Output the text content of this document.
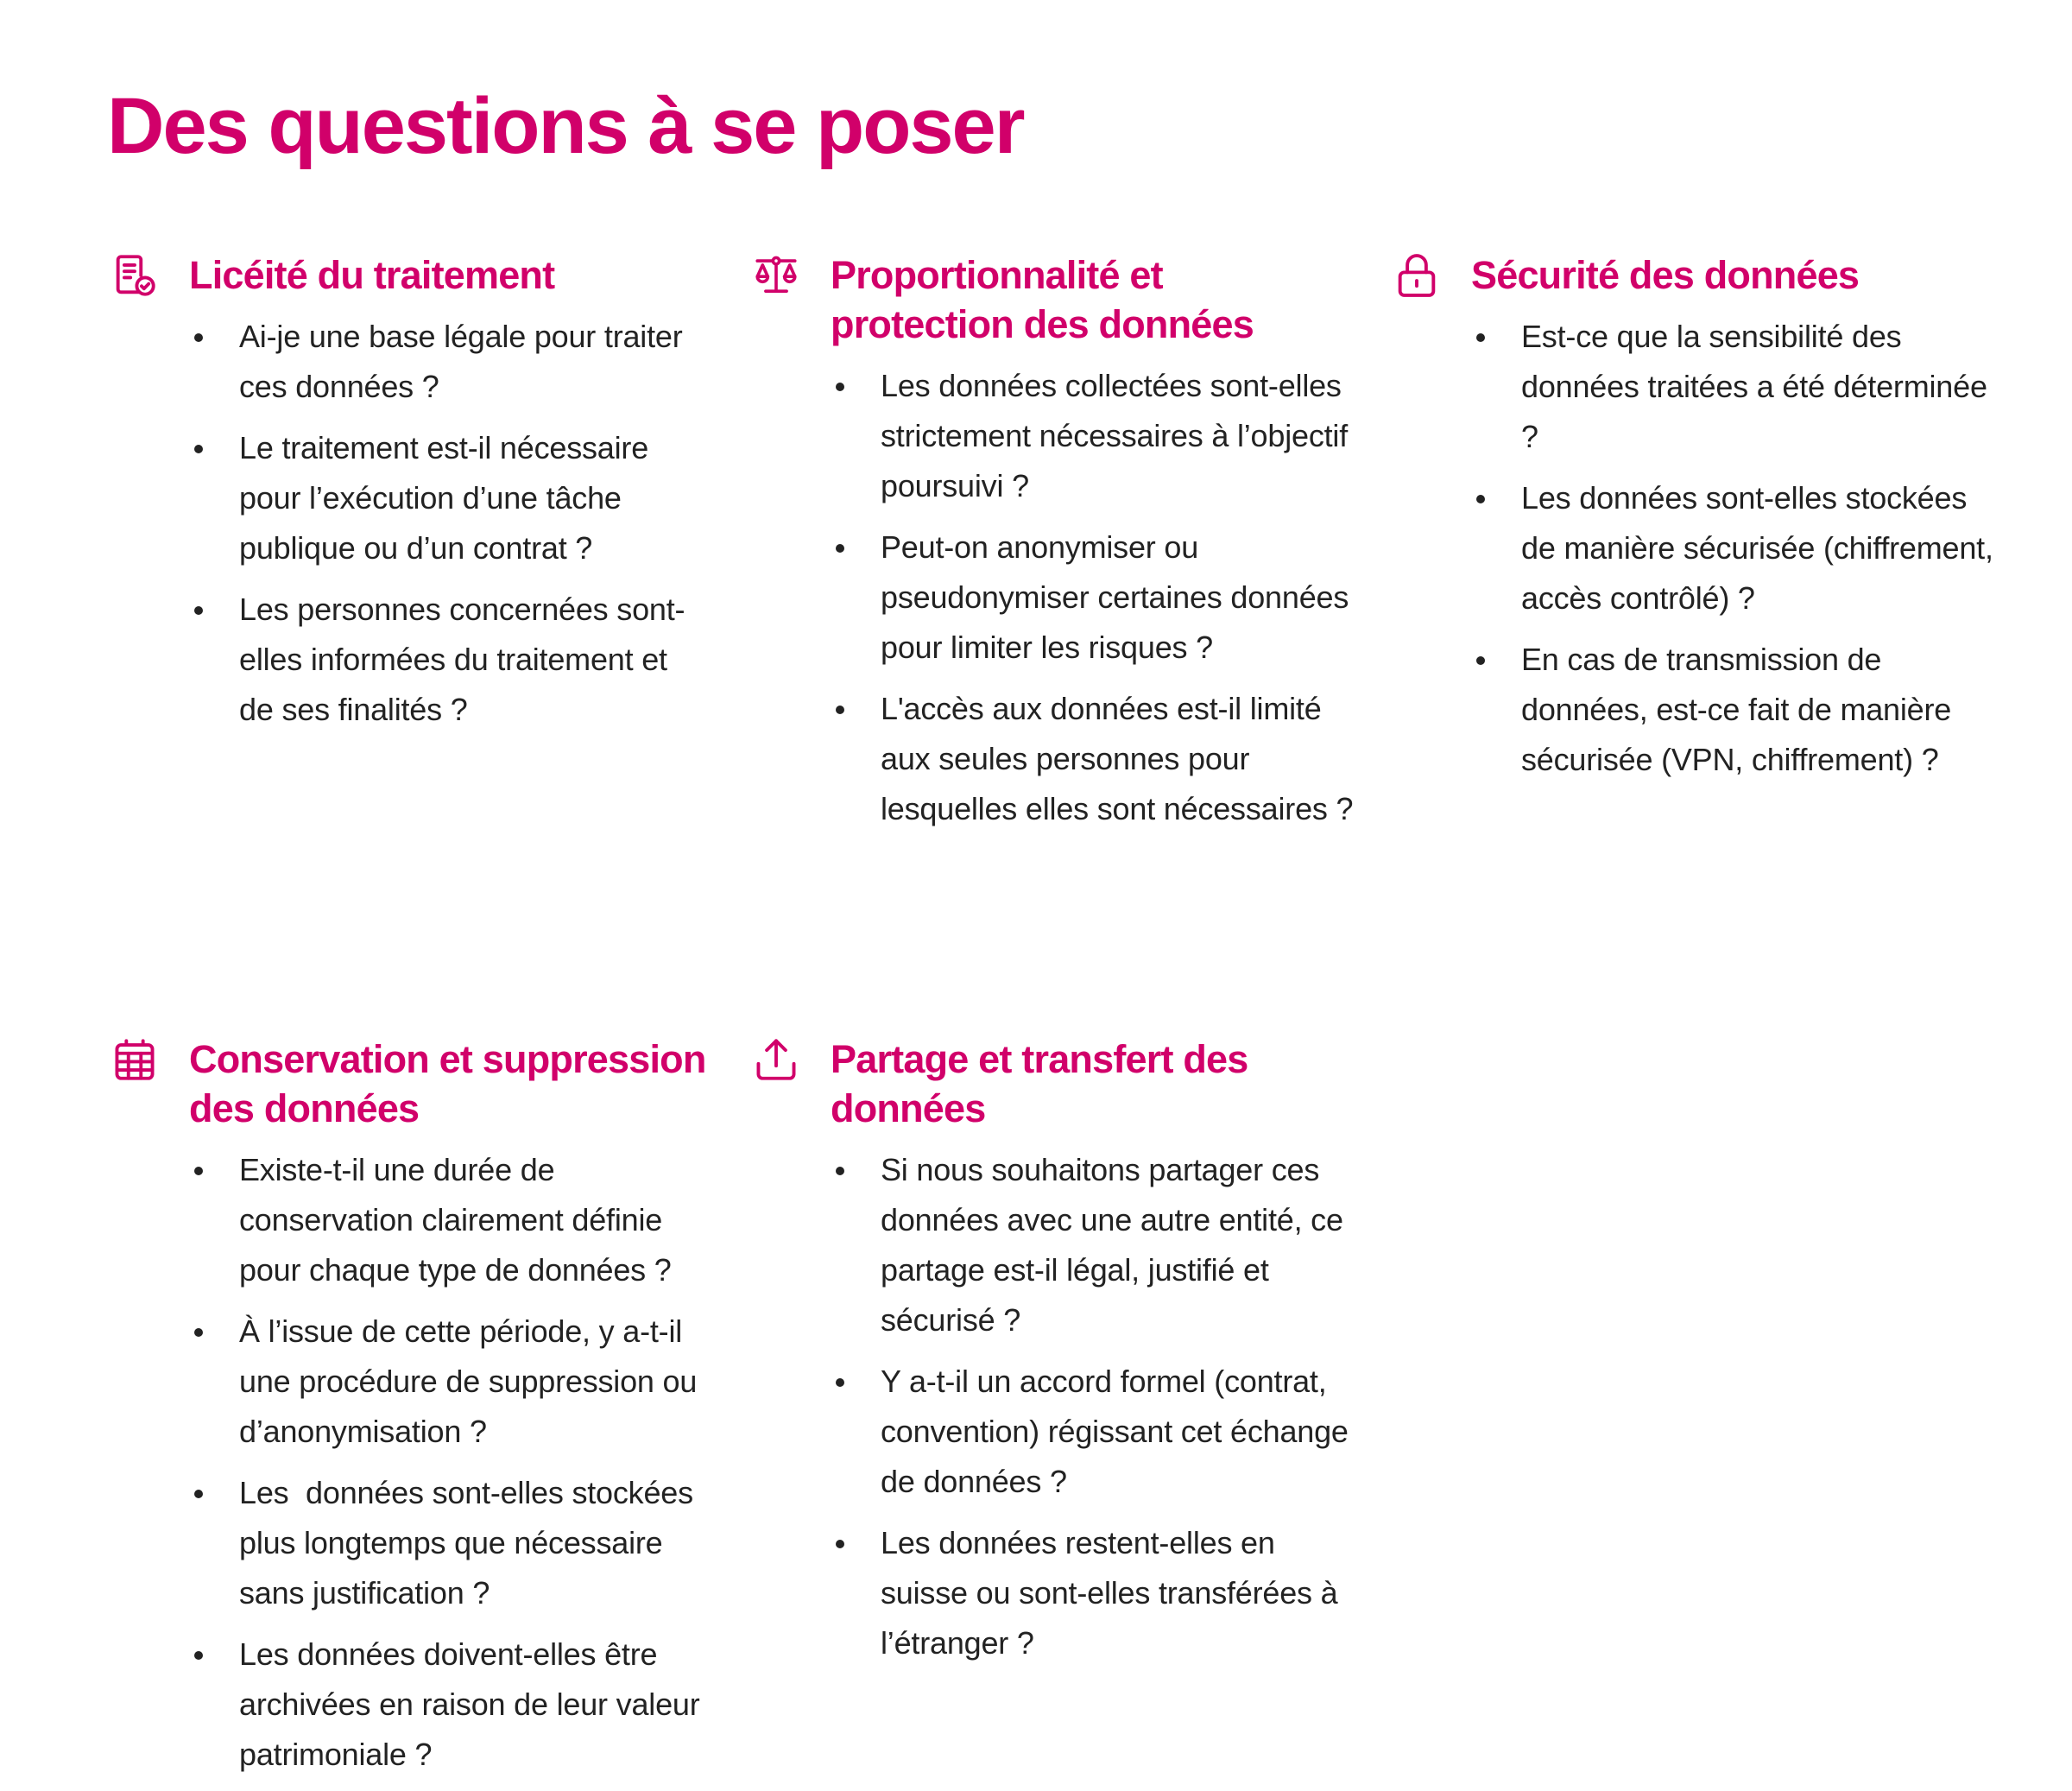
Des questions à se poser
Licéité du traitement
Ai-je une base légale pour traiter ces données ?
Le traitement est-il nécessaire pour l’exécution d’une tâche publique ou d’un contrat ?
Les personnes concernées sont-elles informées du traitement et de ses finalités ?
Proportionnalité et protection des données
Les données collectées sont-elles strictement nécessaires à l’objectif poursuivi ?
Peut-on anonymiser ou pseudonymiser certaines données pour limiter les risques ?
L'accès aux données est-il limité aux seules personnes pour lesquelles elles sont nécessaires ?
Sécurité des données
Est-ce que la sensibilité des données traitées a été déterminée ?
Les données sont-elles stockées de manière sécurisée (chiffrement, accès contrôlé) ?
En cas de transmission de données, est-ce fait de manière sécurisée (VPN, chiffrement) ?
Conservation et suppression des données
Existe-t-il une durée de conservation clairement définie pour chaque type de données ?
À l’issue de cette période, y a-t-il une procédure de suppression ou d’anonymisation ?
Les  données sont-elles stockées plus longtemps que nécessaire sans justification ?
Les données doivent-elles être archivées en raison de leur valeur patrimoniale ?
Partage et transfert des données
Si nous souhaitons partager ces données avec une autre entité, ce partage est-il légal, justifié et sécurisé ?
Y a-t-il un accord formel (contrat, convention) régissant cet échange de données ?
Les données restent-elles en suisse ou sont-elles transférées à l’étranger ?
